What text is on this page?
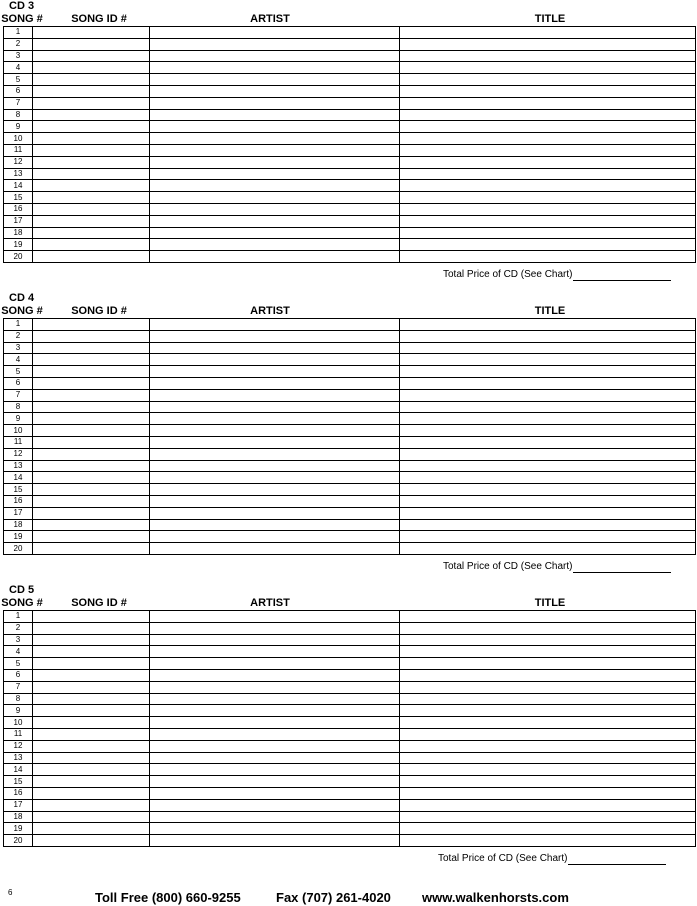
CD 3
SONG #	SONG ID #	ARTIST	TITLE
1			
2			
3			
4			
5			
6			
7			
8			
9			
10			
11			
12			
13			
14			
15			
16			
17			
18			
19			
20			
Total Price of CD (See Chart)
CD 4
SONG #	SONG ID #	ARTIST	TITLE
1			
2			
3			
4			
5			
6			
7			
8			
9			
10			
11			
12			
13			
14			
15			
16			
17			
18			
19			
20			
Total Price of CD (See Chart)
CD 5
SONG #	SONG ID #	ARTIST	TITLE
1			
2			
3			
4			
5			
6			
7			
8			
9			
10			
11			
12			
13			
14			
15			
16			
17			
18			
19			
20			
Total Price of CD (See Chart)
6	Toll Free (800) 660-9255	Fax (707) 261-4020 www.walkenhorsts.com
